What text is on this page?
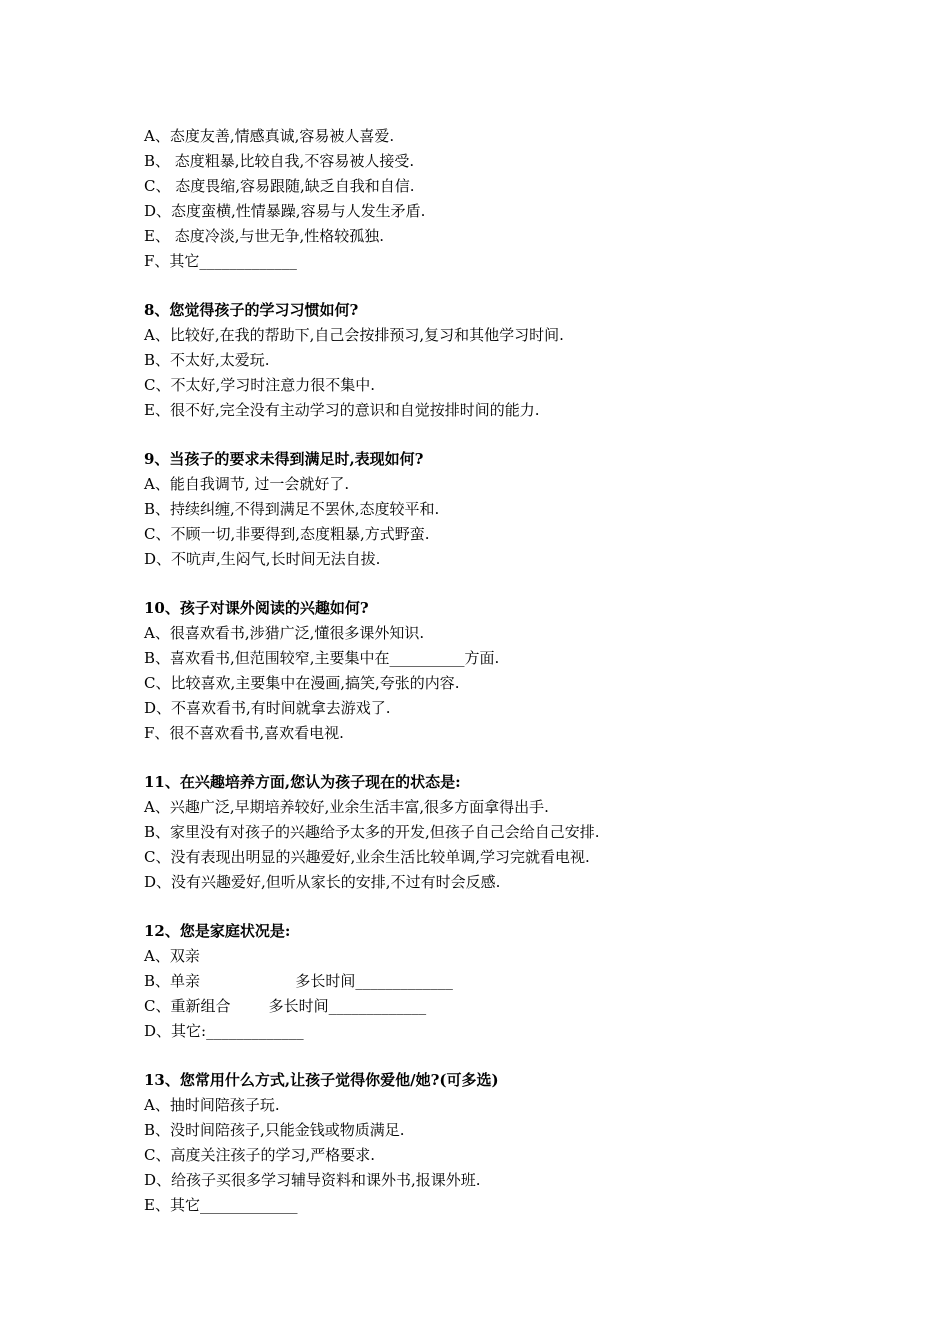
A、态度友善,情感真诚,容易被人喜爱.
B、 态度粗暴,比较自我,不容易被人接受.
C、 态度畏缩,容易跟随,缺乏自我和自信.
D、态度蛮横,性情暴躁,容易与人发生矛盾.
E、 态度冷淡,与世无争,性格较孤独.
F、其它_____________
8、您觉得孩子的学习习惯如何?
A、比较好,在我的帮助下,自己会按排预习,复习和其他学习时间.
B、不太好,太爱玩.
C、不太好,学习时注意力很不集中.
E、很不好,完全没有主动学习的意识和自觉按排时间的能力.
9、当孩子的要求未得到满足时,表现如何?
A、能自我调节, 过一会就好了.
B、持续纠缠,不得到满足不罢休,态度较平和.
C、不顾一切,非要得到,态度粗暴,方式野蛮.
D、不吭声,生闷气,长时间无法自拔.
10、孩子对课外阅读的兴趣如何?
A、很喜欢看书,涉猎广泛,懂很多课外知识.
B、喜欢看书,但范围较窄,主要集中在__________方面.
C、比较喜欢,主要集中在漫画,搞笑,夸张的内容.
D、不喜欢看书,有时间就拿去游戏了.
F、很不喜欢看书,喜欢看电视.
11、在兴趣培养方面,您认为孩子现在的状态是:
A、兴趣广泛,早期培养较好,业余生活丰富,很多方面拿得出手.
B、家里没有对孩子的兴趣给予太多的开发,但孩子自己会给自己安排.
C、没有表现出明显的兴趣爱好,业余生活比较单调,学习完就看电视.
D、没有兴趣爱好,但听从家长的安排,不过有时会反感.
12、您是家庭状况是:
A、双亲
B、单亲                    多长时间_____________
C、重新组合        多长时间_____________
D、其它:_____________
13、您常用什么方式,让孩子觉得你爱他/她?(可多选)
A、抽时间陪孩子玩.
B、没时间陪孩子,只能金钱或物质满足.
C、高度关注孩子的学习,严格要求.
D、给孩子买很多学习辅导资料和课外书,报课外班.
E、其它_____________
